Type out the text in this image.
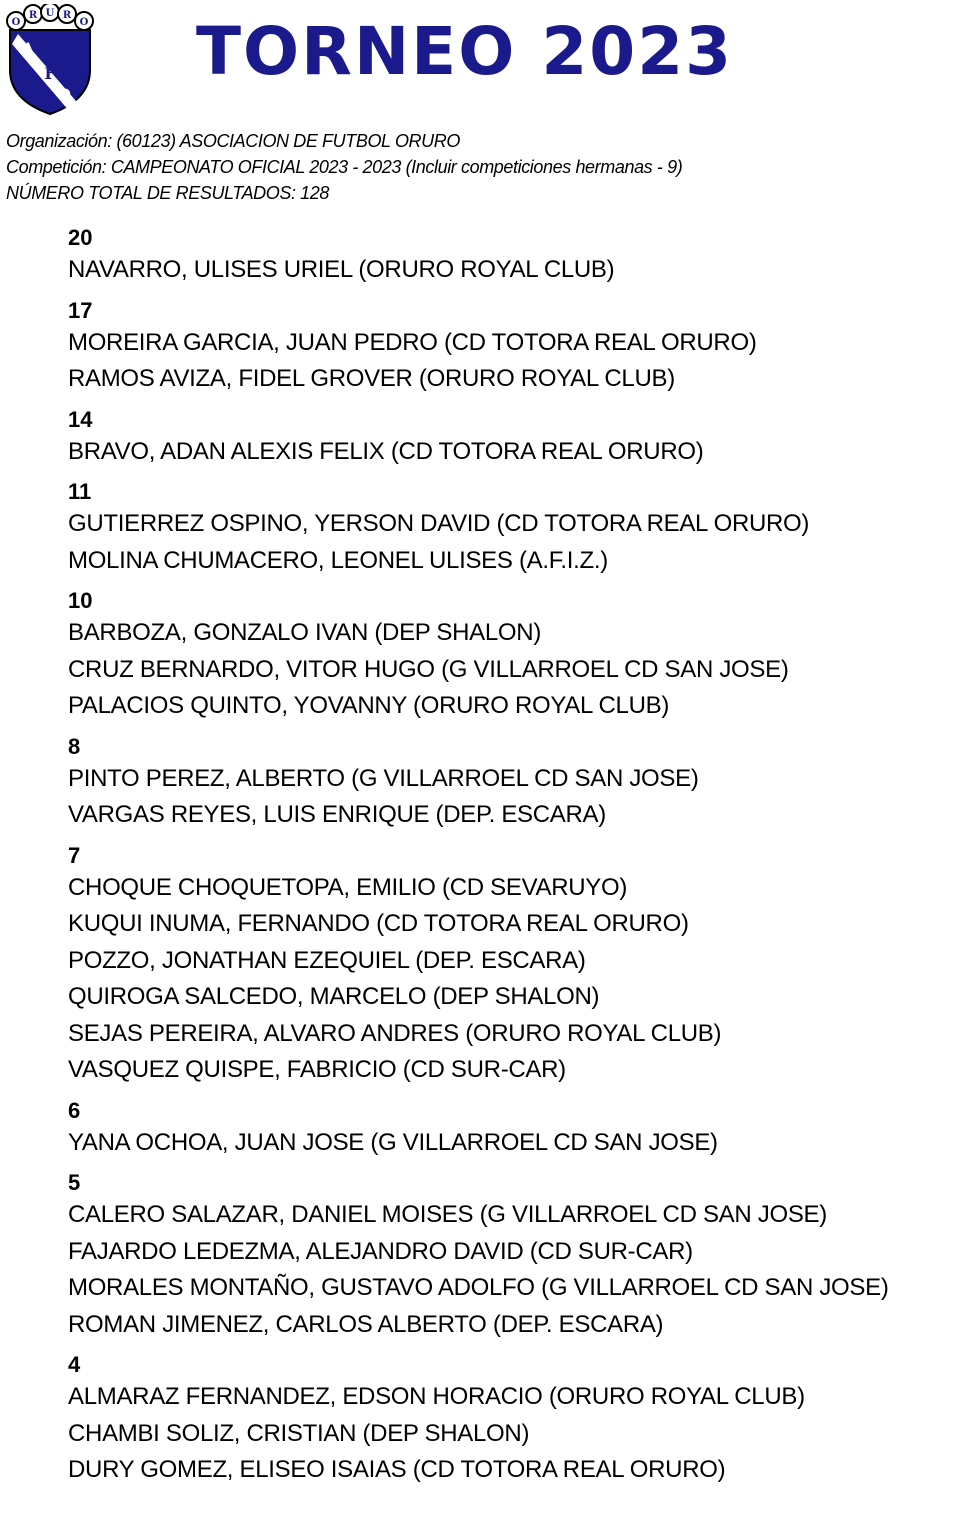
O
R U R
O
A
F
O
TORNEO 2023
Organización: (60123) ASOCIACION DE FUTBOL ORURO
Competición: CAMPEONATO OFICIAL 2023 - 2023 (Incluir competiciones hermanas - 9)
NÚMERO TOTAL DE RESULTADOS: 128
20
NAVARRO, ULISES URIEL (ORURO ROYAL CLUB)
17
MOREIRA GARCIA, JUAN PEDRO (CD TOTORA REAL ORURO)
RAMOS AVIZA, FIDEL GROVER (ORURO ROYAL CLUB)
14
BRAVO, ADAN ALEXIS FELIX (CD TOTORA REAL ORURO)
11
GUTIERREZ OSPINO, YERSON DAVID (CD TOTORA REAL ORURO)
MOLINA CHUMACERO, LEONEL ULISES (A.F.I.Z.)
10
BARBOZA, GONZALO IVAN (DEP SHALON)
CRUZ BERNARDO, VITOR HUGO (G VILLARROEL CD SAN JOSE)
PALACIOS QUINTO, YOVANNY (ORURO ROYAL CLUB)
8
PINTO PEREZ, ALBERTO (G VILLARROEL CD SAN JOSE)
VARGAS REYES, LUIS ENRIQUE (DEP. ESCARA)
7
CHOQUE CHOQUETOPA, EMILIO (CD SEVARUYO)
KUQUI INUMA, FERNANDO (CD TOTORA REAL ORURO)
POZZO, JONATHAN EZEQUIEL (DEP. ESCARA)
QUIROGA SALCEDO, MARCELO (DEP SHALON)
SEJAS PEREIRA, ALVARO ANDRES (ORURO ROYAL CLUB)
VASQUEZ QUISPE, FABRICIO (CD SUR-CAR)
6
YANA OCHOA, JUAN JOSE (G VILLARROEL CD SAN JOSE)
5
CALERO SALAZAR, DANIEL MOISES (G VILLARROEL CD SAN JOSE)
FAJARDO LEDEZMA, ALEJANDRO DAVID (CD SUR-CAR)
MORALES MONTAÑO, GUSTAVO ADOLFO (G VILLARROEL CD SAN JOSE)
ROMAN JIMENEZ, CARLOS ALBERTO (DEP. ESCARA)
4
ALMARAZ FERNANDEZ, EDSON HORACIO (ORURO ROYAL CLUB)
CHAMBI SOLIZ, CRISTIAN (DEP SHALON)
DURY GOMEZ, ELISEO ISAIAS (CD TOTORA REAL ORURO)
